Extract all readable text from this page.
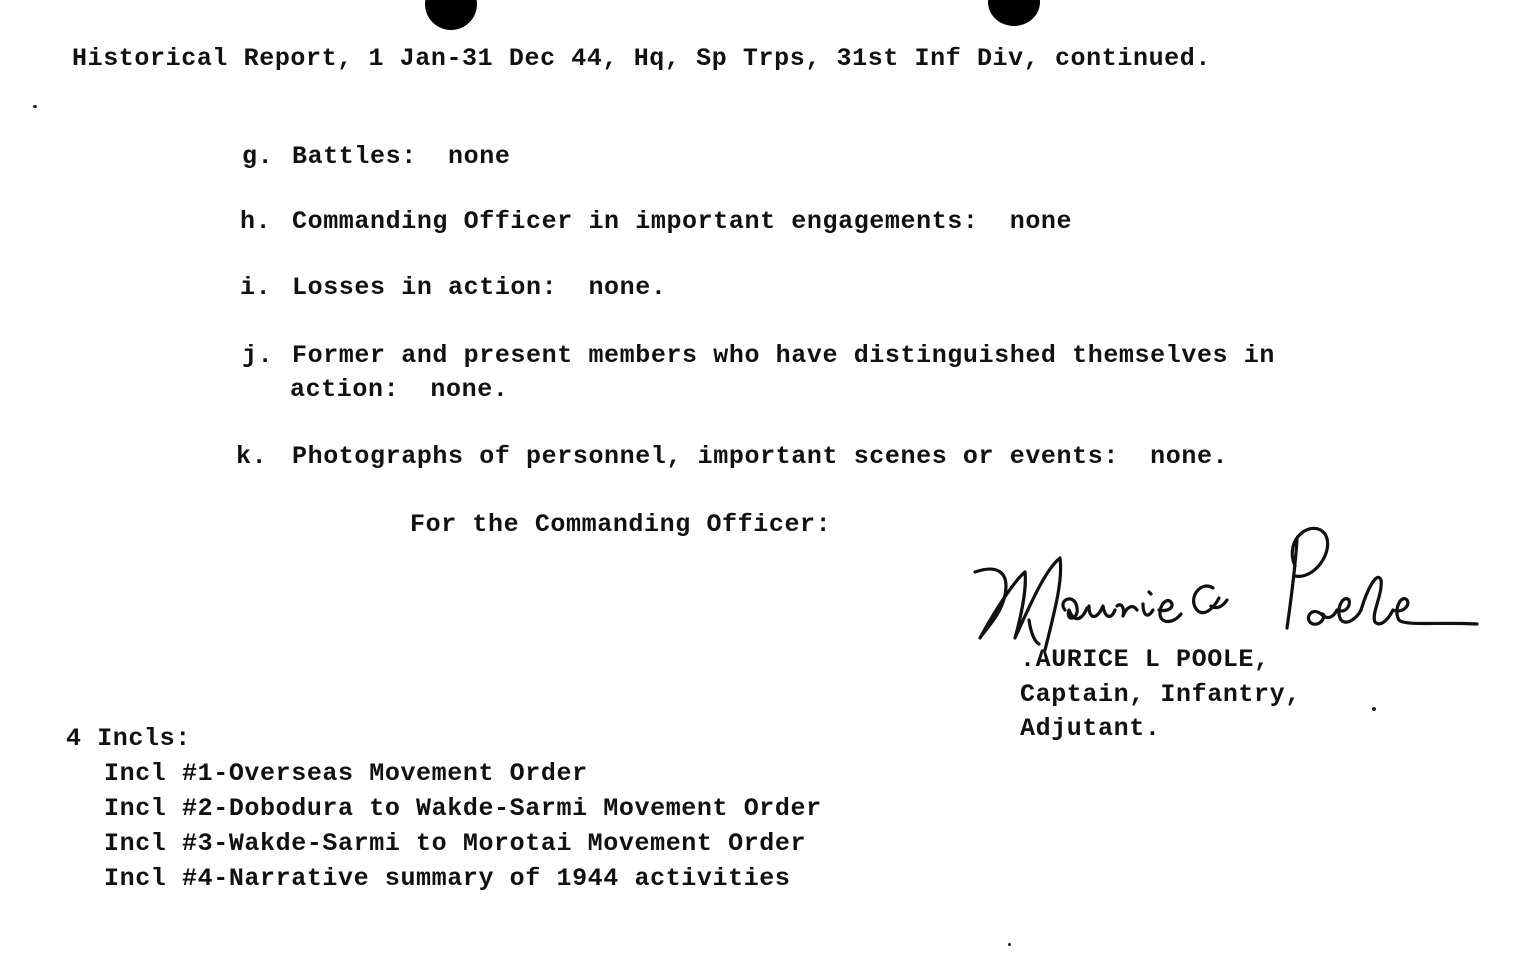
Historical Report, 1 Jan-31 Dec 44, Hq, Sp Trps, 31st Inf Div, continued.
g. Battles:  none
h. Commanding Officer in important engagements:  none
i. Losses in action:  none.
j. Former and present members who have distinguished themselves in
action:  none.
k. Photographs of personnel, important scenes or events:  none.
For the Commanding Officer:
.AURICE L POOLE,
Captain, Infantry,
Adjutant.
4 Incls:
Incl #1-Overseas Movement Order
Incl #2-Dobodura to Wakde-Sarmi Movement Order
Incl #3-Wakde-Sarmi to Morotai Movement Order
Incl #4-Narrative summary of 1944 activities
